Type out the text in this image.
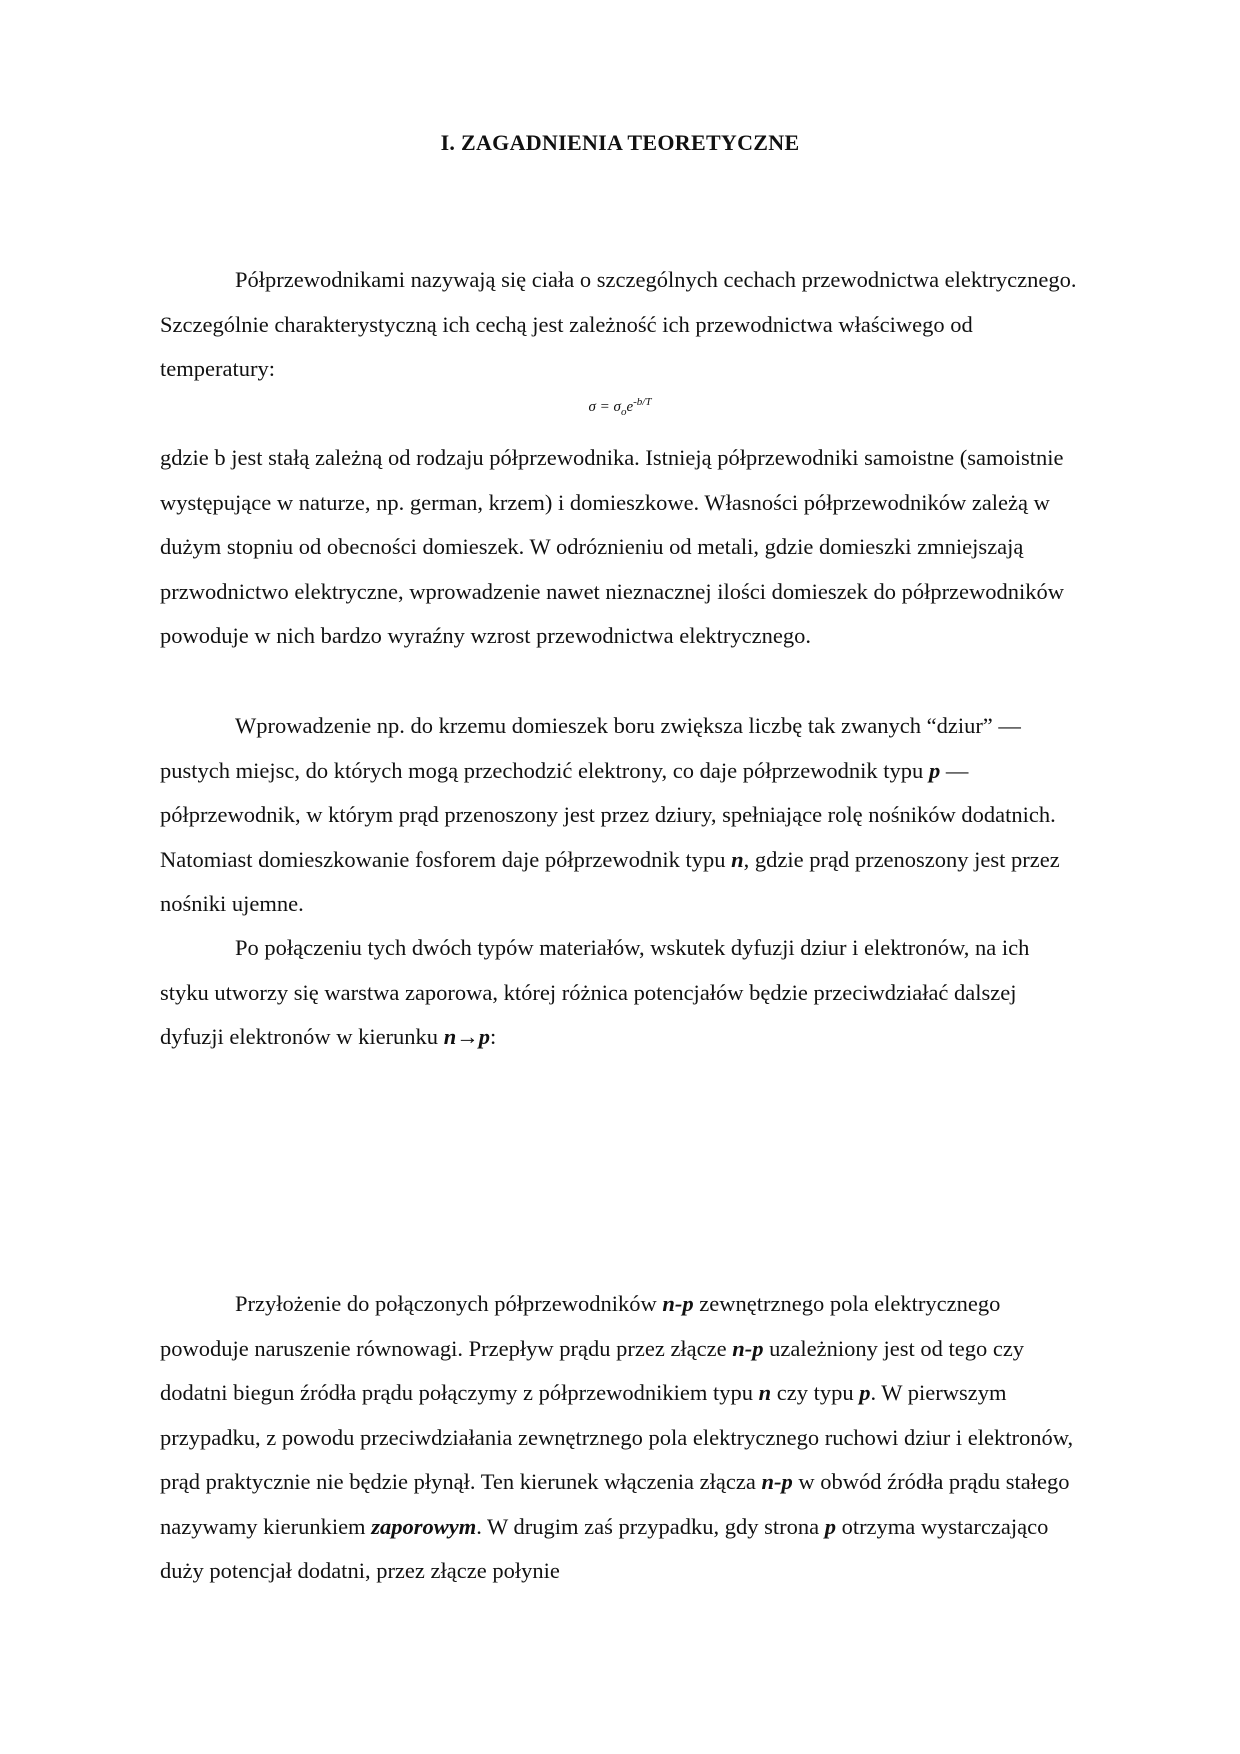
I. ZAGADNIENIA TEORETYCZNE

Półprzewodnikami nazywają się ciała o szczególnych cechach przewodnictwa elektrycznego. Szczególnie charakterystyczną ich cechą jest zależność ich przewodnictwa właściwego od temperatury:

$\sigma = \sigma_oe^{-b/T}$

gdzie b jest stałą zależną od rodzaju półprzewodnika. Istnieją półprzewodniki samoistne (samoistnie występujące w naturze, np. german, krzem) i domieszkowe. Własności półprzewodników zależą w dużym stopniu od obecności domieszek. W odróznieniu od metali, gdzie domieszki zmniejszają przwodnictwo elektryczne, wprowadzenie nawet nieznacznej ilości domieszek do półprzewodników powoduje w nich bardzo wyraźny wzrost przewodnictwa elektrycznego.

Wprowadzenie np. do krzemu domieszek boru zwiększa liczbę tak zwanych “dziur” — pustych miejsc, do których mogą przechodzić elektrony, co daje półprzewodnik typu p — półprzewodnik, w którym prąd przenoszony jest przez dziury, spełniające rolę nośników dodatnich. Natomiast domieszkowanie fosforem daje półprzewodnik typu n, gdzie prąd przenoszony jest przez nośniki ujemne.

Po połączeniu tych dwóch typów materiałów, wskutek dyfuzji dziur i elektronów, na ich styku utworzy się warstwa zaporowa, której różnica potencjałów będzie przeciwdziałać dalszej dyfuzji elektronów w kierunku n→p:

Przyłożenie do połączonych półprzewodników n-p zewnętrznego pola elektrycznego powoduje naruszenie równowagi. Przepływ prądu przez złącze n-p uzależniony jest od tego czy dodatni biegun źródła prądu połączymy z półprzewodnikiem typu n czy typu p. W pierwszym przypadku, z powodu przeciwdziałania zewnętrznego pola elektrycznego ruchowi dziur i elektronów, prąd praktycznie nie będzie płynął. Ten kierunek włączenia złącza n-p w obwód źródła prądu stałego nazywamy kierunkiem zaporowym. W drugim zaś przypadku, gdy strona p otrzyma wystarczająco duży potencjał dodatni, przez złącze połynie
